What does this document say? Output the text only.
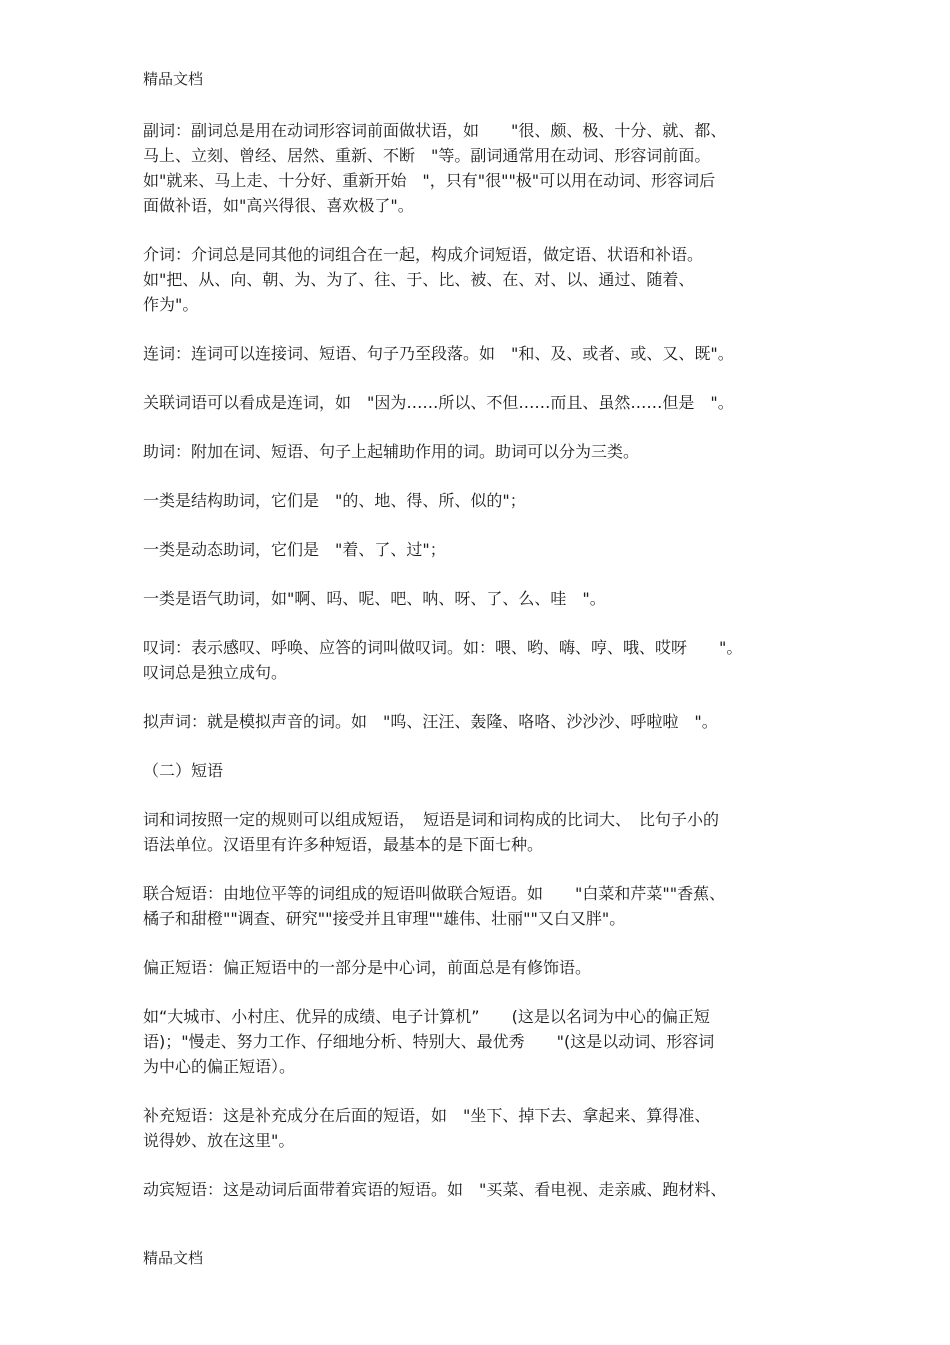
精品文档

副词：副词总是用在动词形容词前面做状语，如　　"很、颇、极、十分、就、都、
马上、立刻、曾经、居然、重新、不断　"等。副词通常用在动词、形容词前面。
如"就来、马上走、十分好、重新开始　"，只有"很""极"可以用在动词、形容词后
面做补语，如"高兴得很、喜欢极了"。

介词：介词总是同其他的词组合在一起，构成介词短语，做定语、状语和补语。
如"把、从、向、朝、为、为了、往、于、比、被、在、对、以、通过、随着、
作为"。

连词：连词可以连接词、短语、句子乃至段落。如　"和、及、或者、或、又、既"。

关联词语可以看成是连词，如　"因为……所以、不但……而且、虽然……但是　"。

助词：附加在词、短语、句子上起辅助作用的词。助词可以分为三类。

一类是结构助词，它们是　"的、地、得、所、似的"；

一类是动态助词，它们是　"着、了、过"；

一类是语气助词，如"啊、吗、呢、吧、呐、呀、了、么、哇　"。

叹词：表示感叹、呼唤、应答的词叫做叹词。如：喂、哟、嗨、哼、哦、哎呀　　"。
叹词总是独立成句。

拟声词：就是模拟声音的词。如　"呜、汪汪、轰隆、咯咯、沙沙沙、呼啦啦　"。

（二）短语

词和词按照一定的规则可以组成短语，　短语是词和词构成的比词大、　比句子小的
语法单位。汉语里有许多种短语，最基本的是下面七种。

联合短语：由地位平等的词组成的短语叫做联合短语。如　　"白菜和芹菜""香蕉、
橘子和甜橙""调查、研究""接受并且审理""雄伟、壮丽""又白又胖"。

偏正短语：偏正短语中的一部分是中心词，前面总是有修饰语。

如“大城市、小村庄、优异的成绩、电子计算机”　　(这是以名词为中心的偏正短
语)；"慢走、努力工作、仔细地分析、特别大、最优秀　　"(这是以动词、形容词
为中心的偏正短语）。

补充短语：这是补充成分在后面的短语，如　"坐下、掉下去、拿起来、算得准、
说得妙、放在这里"。

动宾短语：这是动词后面带着宾语的短语。如　"买菜、看电视、走亲戚、跑材料、

精品文档
